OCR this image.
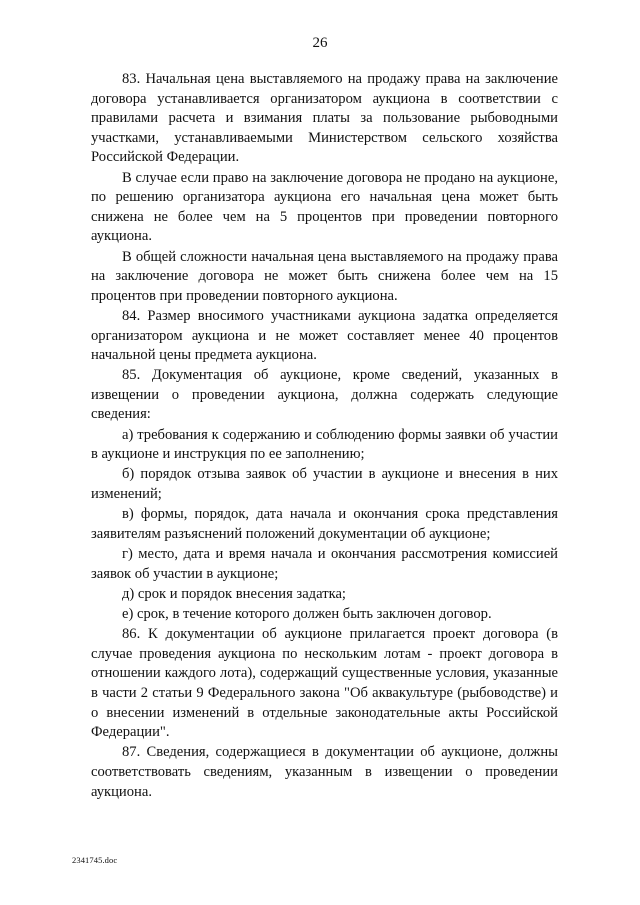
26

83. Начальная цена выставляемого на продажу права на заключение договора устанавливается организатором аукциона в соответствии с правилами расчета и взимания платы за пользование рыбоводными участками, устанавливаемыми Министерством сельского хозяйства Российской Федерации.

В случае если право на заключение договора не продано на аукционе, по решению организатора аукциона его начальная цена может быть снижена не более чем на 5 процентов при проведении повторного аукциона.

В общей сложности начальная цена выставляемого на продажу права на заключение договора не может быть снижена более чем на 15 процентов при проведении повторного аукциона.

84. Размер вносимого участниками аукциона задатка определяется организатором аукциона и не может составляет менее 40 процентов начальной цены предмета аукциона.

85. Документация об аукционе, кроме сведений, указанных в извещении о проведении аукциона, должна содержать следующие сведения:

а) требования к содержанию и соблюдению формы заявки об участии в аукционе и инструкция по ее заполнению;

б) порядок отзыва заявок об участии в аукционе и внесения в них изменений;

в) формы, порядок, дата начала и окончания срока представления заявителям разъяснений положений документации об аукционе;

г) место, дата и время начала и окончания рассмотрения комиссией заявок об участии в аукционе;

д) срок и порядок внесения задатка;

е) срок, в течение которого должен быть заключен договор.

86. К документации об аукционе прилагается проект договора (в случае проведения аукциона по нескольким лотам - проект договора в отношении каждого лота), содержащий существенные условия, указанные в части 2 статьи 9 Федерального закона "Об аквакультуре (рыбоводстве) и о внесении изменений в отдельные законодательные акты Российской Федерации".

87. Сведения, содержащиеся в документации об аукционе, должны соответствовать сведениям, указанным в извещении о проведении аукциона.

2341745.doc
